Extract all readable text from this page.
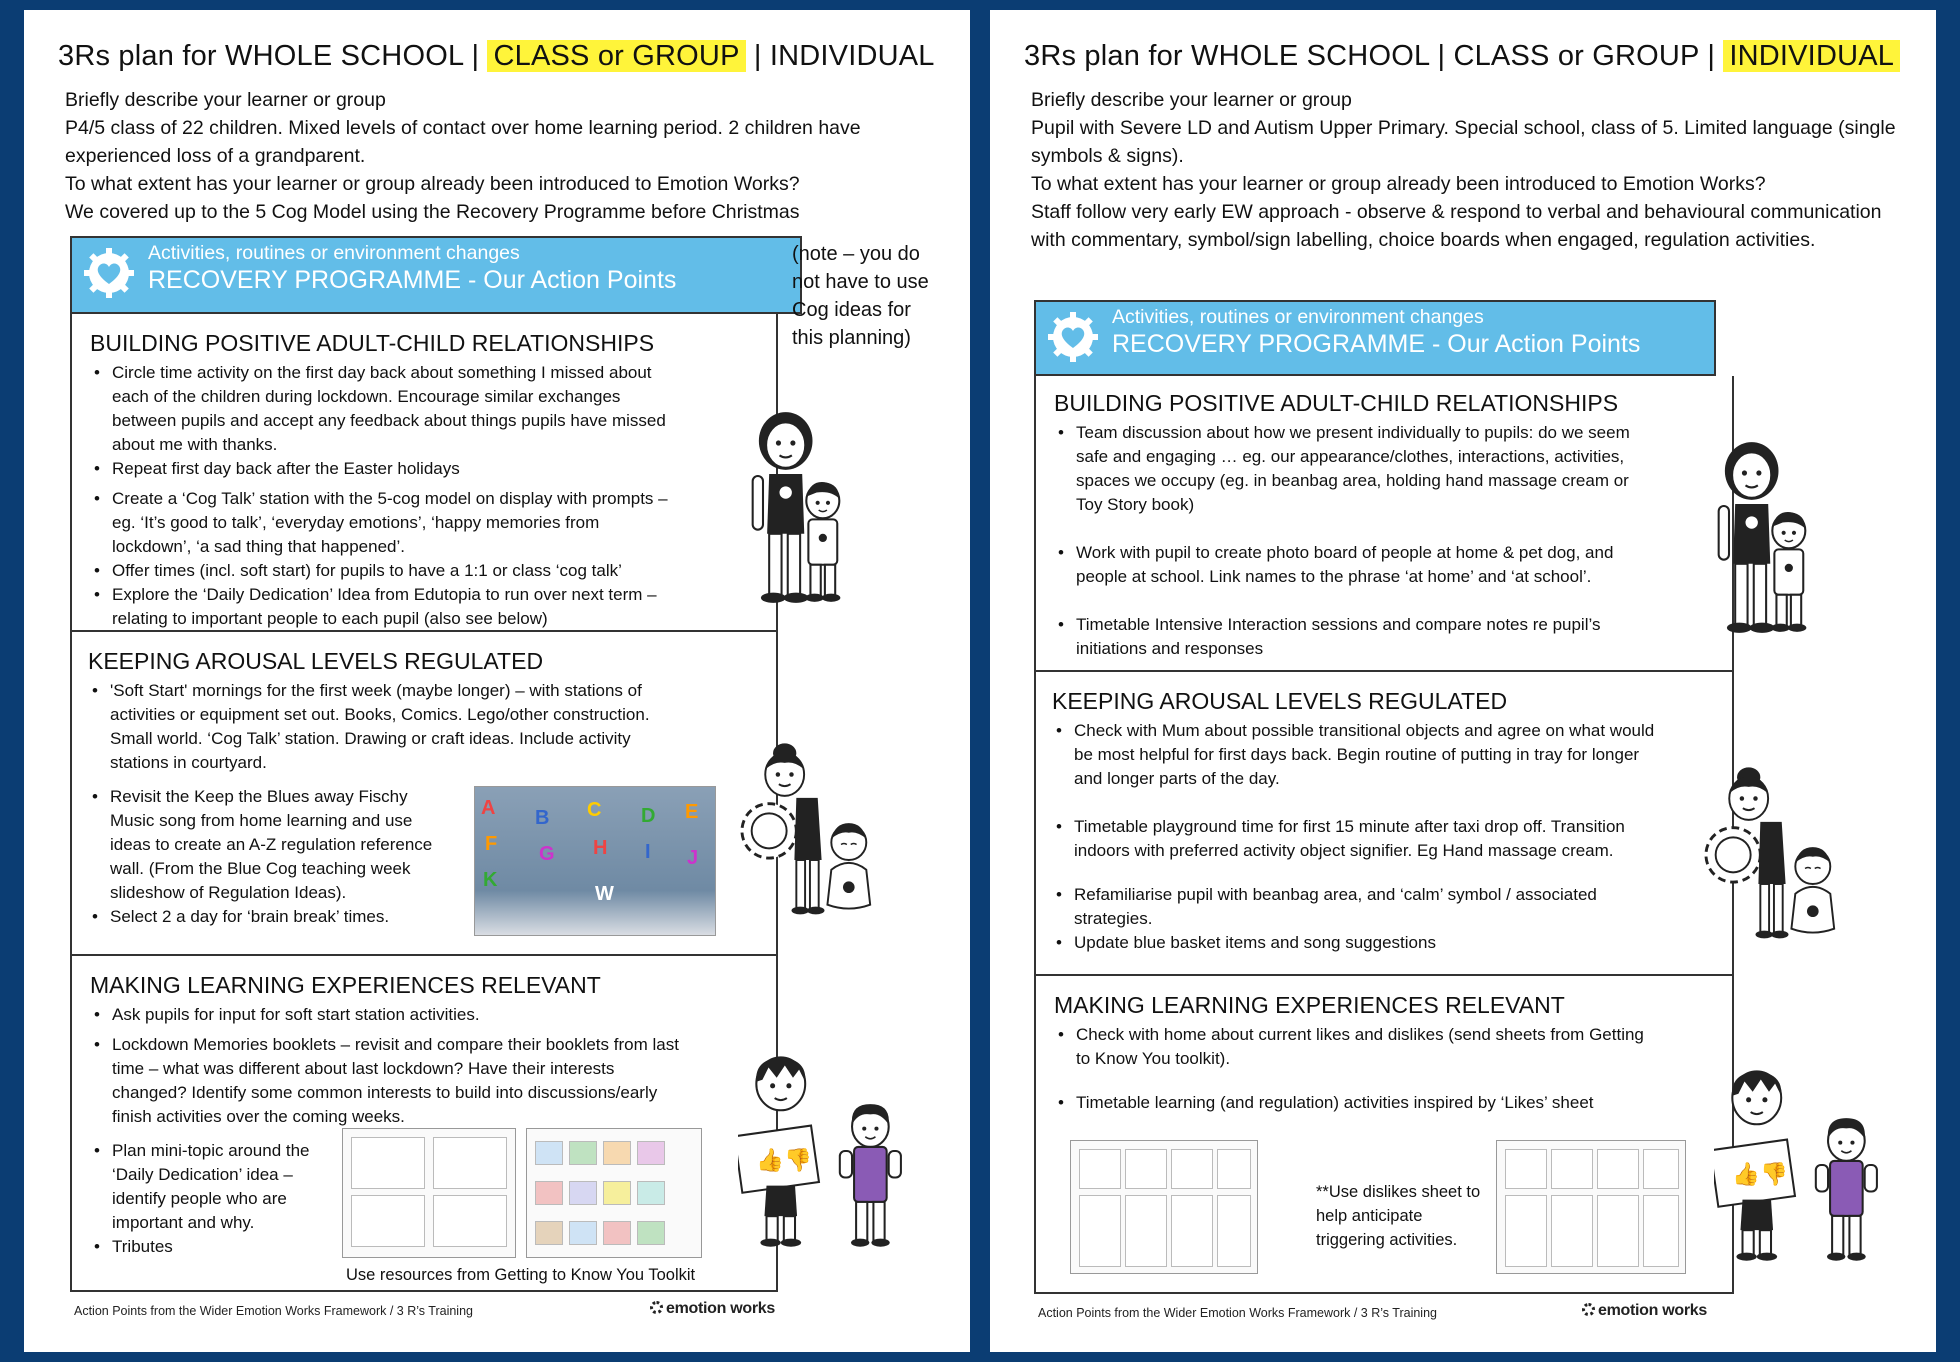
3Rs plan for WHOLE SCHOOL | CLASS or GROUP | INDIVIDUAL

Briefly describe your learner or group

P4/5 class of 22 children. Mixed levels of contact over home learning period. 2 children have experienced loss of a grandparent.

To what extent has your learner or group already been introduced to Emotion Works?

We covered up to the 5 Cog Model using the Recovery Programme before Christmas

Activities, routines or environment changes
RECOVERY PROGRAMME - Our Action Points
(note – you do not have to use Cog ideas for this planning)
BUILDING POSITIVE ADULT-CHILD RELATIONSHIPS
• Circle time activity on the first day back about something I missed about each of the children during lockdown. Encourage similar exchanges between pupils and accept any feedback about things pupils have missed about me with thanks.
• Repeat first day back after the Easter holidays
• Create a ‘Cog Talk’ station with the 5-cog model on display with prompts – eg. ‘It’s good to talk’, ‘everyday emotions’, ‘happy memories from lockdown’, ‘a sad thing that happened’.
• Offer times (incl. soft start) for pupils to have a 1:1 or class ‘cog talk’
• Explore the ‘Daily Dedication’ Idea from Edutopia to run over next term – relating to important people to each pupil (also see below)
KEEPING AROUSAL LEVELS REGULATED
• 'Soft Start' mornings for the first week (maybe longer) – with stations of activities or equipment set out. Books, Comics. Lego/other construction. Small world. ‘Cog Talk’ station. Drawing or craft ideas. Include activity stations in courtyard.
• Revisit the Keep the Blues away Fischy Music song from home learning and use ideas to create an A-Z regulation reference wall. (From the Blue Cog teaching week slideshow of Regulation Ideas).
• Select 2 a day for ‘brain break’ times.
A
F
K
B
G
C
H
D
I
E
J
W
MAKING LEARNING EXPERIENCES RELEVANT
• Ask pupils for input for soft start station activities.
• Lockdown Memories booklets – revisit and compare their booklets from last time – what was different about last lockdown? Have their interests changed? Identify some common interests to build into discussions/early finish activities over the coming weeks.
• Plan mini-topic around the ‘Daily Dedication’ idea – identify people who are important and why.
• Tributes
Use resources from Getting to Know You Toolkit
Action Points from the Wider Emotion Works Framework / 3 R’s Training	emotion works
3Rs plan for WHOLE SCHOOL | CLASS or GROUP | INDIVIDUAL

Briefly describe your learner or group

Pupil with Severe LD and Autism Upper Primary. Special school, class of 5. Limited language (single symbols & signs).

To what extent has your learner or group already been introduced to Emotion Works?

Staff follow very early EW approach - observe & respond to verbal and behavioural communication with commentary, symbol/sign labelling, choice boards when engaged, regulation activities.

Activities, routines or environment changes
RECOVERY PROGRAMME - Our Action Points
BUILDING POSITIVE ADULT-CHILD RELATIONSHIPS
• Team discussion about how we present individually to pupils: do we seem safe and engaging … eg. our appearance/clothes, interactions, activities, spaces we occupy (eg. in beanbag area, holding hand massage cream or Toy Story book)
• Work with pupil to create photo board of people at home & pet dog, and people at school. Link names to the phrase ‘at home’ and ‘at school’.
• Timetable Intensive Interaction sessions and compare notes re pupil’s initiations and responses
KEEPING AROUSAL LEVELS REGULATED
• Check with Mum about possible transitional objects and agree on what would be most helpful for first days back. Begin routine of putting in tray for longer and longer parts of the day.
• Timetable playground time for first 15 minute after taxi drop off. Transition indoors with preferred activity object signifier. Eg Hand massage cream.
• Refamiliarise pupil with beanbag area, and ‘calm’ symbol / associated strategies.
• Update blue basket items and song suggestions
MAKING LEARNING EXPERIENCES RELEVANT
• Check with home about current likes and dislikes (send sheets from Getting to Know You toolkit).
• Timetable learning (and regulation) activities inspired by ‘Likes’ sheet
**Use dislikes sheet to help anticipate triggering activities.
Action Points from the Wider Emotion Works Framework / 3 R’s Training	emotion works
